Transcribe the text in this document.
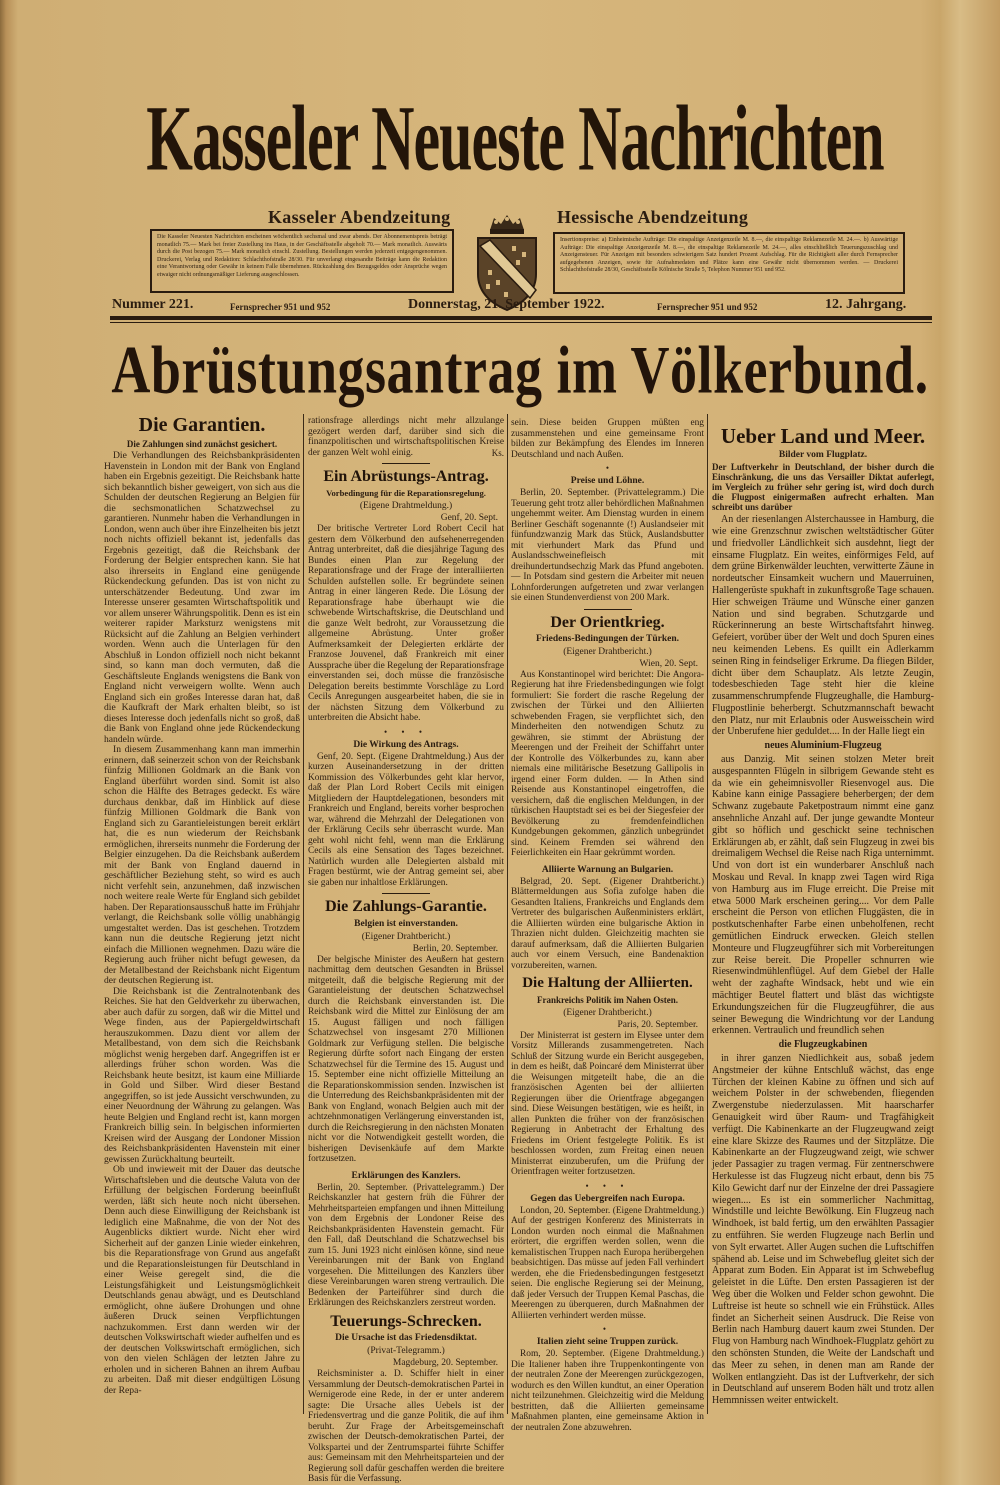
Kasseler Neueste Nachrichten
Kasseler Abendzeitung	Hessische Abendzeitung
Die Kasseler Neuesten Nachrichten erscheinen wöchentlich sechsmal und zwar abends. Der Abonnementspreis beträgt monatlich 75.— Mark bei freier Zustellung ins Haus, in der Geschäftsstelle abgeholt 70.— Mark monatlich. Auswärts durch die Post bezogen 75.— Mark monatlich einschl. Zustellung. Bestellungen werden jederzeit entgegengenommen. Druckerei, Verlag und Redaktion: Schlachthofstraße 28/30. Für unverlangt eingesandte Beiträge kann die Redaktion eine Verantwortung oder Gewähr in keinem Falle übernehmen. Rückzahlung des Bezugsgeldes oder Ansprüche wegen etwaiger nicht ordnungsmäßiger Lieferung ausgeschlossen.
Insertionspreise: a) Einheimische Aufträge: Die einspaltige Anzeigenzeile M. 8.—, die einspaltige Reklamezeile M. 24.—. b) Auswärtige Aufträge: Die einspaltige Anzeigenzeile M. 8.—, die einspaltige Reklamezeile M. 24.—, alles einschließlich Teuerungszuschlag und Anzeigensteuer. Für Anzeigen mit besonders schwierigem Satz hundert Prozent Aufschlag. Für die Richtigkeit aller durch Fernsprecher aufgegebenen Anzeigen, sowie für Aufnahmedaten und Plätze kann eine Gewähr nicht übernommen werden. — Druckerei Schlachthofstraße 28/30, Geschäftsstelle Kölnische Straße 5, Telephon Nummer 951 und 952.
Nummer 221.	Fernsprecher 951 und 952	Donnerstag, 21. September 1922.	Fernsprecher 951 und 952	12. Jahrgang.
Abrüstungsantrag im Völkerbund.
Die Garantien.
Die Zahlungen sind zunächst gesichert.

Die Verhandlungen des Reichsbankpräsidenten Havenstein in London mit der Bank von England haben ein Ergebnis gezeitigt. Die Reichsbank hatte sich bekanntlich bisher geweigert, von sich aus die Schulden der deutschen Regierung an Belgien für die sechsmonatlichen Schatzwechsel zu garantieren. Nunmehr haben die Verhandlungen in London, wenn auch über ihre Einzelheiten bis jetzt noch nichts offiziell bekannt ist, jedenfalls das Ergebnis gezeitigt, daß die Reichsbank der Forderung der Belgier entsprechen kann. Sie hat also ihrerseits in England eine genügende Rückendeckung gefunden. Das ist von nicht zu unterschätzender Bedeutung. Und zwar im Interesse unserer gesamten Wirtschaftspolitik und vor allem unserer Währungspolitik. Denn es ist ein weiterer rapider Marksturz wenigstens mit Rücksicht auf die Zahlung an Belgien verhindert worden. Wenn auch die Unterlagen für den Abschluß in London offiziell noch nicht bekannt sind, so kann man doch vermuten, daß die Geschäftsleute Englands wenigstens die Bank von England nicht verweigern wollte. Wenn auch England sich ein großes Interesse daran hat, daß die Kaufkraft der Mark erhalten bleibt, so ist dieses Interesse doch jedenfalls nicht so groß, daß die Bank von England ohne jede Rückendeckung handeln würde.

In diesem Zusammenhang kann man immerhin erinnern, daß seinerzeit schon von der Reichsbank fünfzig Millionen Goldmark an die Bank von England überführt worden sind. Somit ist also schon die Hälfte des Betrages gedeckt. Es wäre durchaus denkbar, daß im Hinblick auf diese fünfzig Millionen Goldmark die Bank von England sich zu Garantieleistungen bereit erklärt hat, die es nun wiederum der Reichsbank ermöglichen, ihrerseits nunmehr die Forderung der Belgier einzugehen. Da die Reichsbank außerdem mit der Bank von England dauernd in geschäftlicher Beziehung steht, so wird es auch nicht verfehlt sein, anzunehmen, daß inzwischen noch weitere reale Werte für England sich gebildet haben. Der Reparationsausschuß hatte im Frühjahr verlangt, die Reichsbank solle völlig unabhängig umgestaltet werden. Das ist geschehen. Trotzdem kann nun die deutsche Regierung jetzt nicht einfach die Millionen wegnehmen. Dazu wäre die Regierung auch früher nicht befugt gewesen, da der Metallbestand der Reichsbank nicht Eigentum der deutschen Regierung ist.

Die Reichsbank ist die Zentralnotenbank des Reiches. Sie hat den Geldverkehr zu überwachen, aber auch dafür zu sorgen, daß wir die Mittel und Wege finden, aus der Papiergeldwirtschaft herauszukommen. Dazu dient vor allem der Metallbestand, von dem sich die Reichsbank möglichst wenig hergeben darf. Angegriffen ist er allerdings früher schon worden. Was die Reichsbank heute besitzt, ist kaum eine Milliarde in Gold und Silber. Wird dieser Bestand angegriffen, so ist jede Aussicht verschwunden, zu einer Neuordnung der Währung zu gelangen. Was heute Belgien und England recht ist, kann morgen Frankreich billig sein. In belgischen informierten Kreisen wird der Ausgang der Londoner Mission des Reichsbankpräsidenten Havenstein mit einer gewissen Zurückhaltung beurteilt.

Ob und inwieweit mit der Dauer das deutsche Wirtschaftsleben und die deutsche Valuta von der Erfüllung der belgischen Forderung beeinflußt werden, läßt sich heute noch nicht übersehen. Denn auch diese Einwilligung der Reichsbank ist lediglich eine Maßnahme, die von der Not des Augenblicks diktiert wurde. Nicht eher wird Sicherheit auf der ganzen Linie wieder einkehren, bis die Reparationsfrage von Grund aus angefaßt und die Reparationsleistungen für Deutschland in einer Weise geregelt sind, die die Leistungsfähigkeit und Leistungsmöglichkeit Deutschlands genau abwägt, und es Deutschland ermöglicht, ohne äußere Drohungen und ohne äußeren Druck seinen Verpflichtungen nachzukommen. Erst dann werden wir der deutschen Volkswirtschaft wieder aufhelfen und es der deutschen Volkswirtschaft ermöglichen, sich von den vielen Schlägen der letzten Jahre zu erholen und in sicheren Bahnen an ihrem Aufbau zu arbeiten. Daß mit dieser endgültigen Lösung der Repa-

rationsfrage allerdings nicht mehr allzulange gezögert werden darf, darüber sind sich die finanzpolitischen und wirtschaftspolitischen Kreise der ganzen Welt wohl einig.	Ks.

Ein Abrüstungs-Antrag.
Vorbedingung für die Reparationsregelung.
(Eigene Drahtmeldung.)
Genf, 20. Sept.

Der britische Vertreter Lord Robert Cecil hat gestern dem Völkerbund den aufsehenerregenden Antrag unterbreitet, daß die diesjährige Tagung des Bundes einen Plan zur Regelung der Reparationsfrage und der Frage der interalliierten Schulden aufstellen solle. Er begründete seinen Antrag in einer längeren Rede. Die Lösung der Reparationsfrage habe überhaupt wie die schwebende Wirtschaftskrise, die Deutschland und die ganze Welt bedroht, zur Voraussetzung die allgemeine Abrüstung. Unter großer Aufmerksamkeit der Delegierten erklärte der Franzose Jouvenel, daß Frankreich mit einer Aussprache über die Regelung der Reparationsfrage einverstanden sei, doch müsse die französische Delegation bereits bestimmte Vorschläge zu Lord Cecils Anregungen ausgearbeitet haben, die sie in der nächsten Sitzung dem Völkerbund zu unterbreiten die Absicht habe.

• • •
Die Wirkung des Antrags.

Genf, 20. Sept. (Eigene Drahtmeldung.) Aus der kurzen Auseinandersetzung in der dritten Kommission des Völkerbundes geht klar hervor, daß der Plan Lord Robert Cecils mit einigen Mitgliedern der Hauptdelegationen, besonders mit Frankreich und England, bereits vorher besprochen war, während die Mehrzahl der Delegationen von der Erklärung Cecils sehr überrascht wurde. Man geht wohl nicht fehl, wenn man die Erklärung Cecils als eine Sensation des Tages bezeichnet. Natürlich wurden alle Delegierten alsbald mit Fragen bestürmt, wie der Antrag gemeint sei, aber sie gaben nur inhaltlose Erklärungen.

Die Zahlungs-Garantie.
Belgien ist einverstanden.
(Eigener Drahtbericht.)
Berlin, 20. September.

Der belgische Minister des Aeußern hat gestern nachmittag dem deutschen Gesandten in Brüssel mitgeteilt, daß die belgische Regierung mit der Garantieleistung der deutschen Schatzwechsel durch die Reichsbank einverstanden ist. Die Reichsbank wird die Mittel zur Einlösung der am 15. August fälligen und noch fälligen Schatzwechsel von insgesamt 270 Millionen Goldmark zur Verfügung stellen. Die belgische Regierung dürfte sofort nach Eingang der ersten Schatzwechsel für die Termine des 15. August und 15. September eine nicht offizielle Mitteilung an die Reparationskommission senden. Inzwischen ist die Unterredung des Reichsbankpräsidenten mit der Bank von England, wonach Belgien auch mit der achtzehnmonatigen Verlängerung einverstanden ist, durch die Reichsregierung in den nächsten Monaten nicht vor die Notwendigkeit gestellt worden, die bisherigen Devisenkäufe auf dem Markte fortzusetzen.

Erklärungen des Kanzlers.

Berlin, 20. September. (Privattelegramm.) Der Reichskanzler hat gestern früh die Führer der Mehrheitsparteien empfangen und ihnen Mitteilung von dem Ergebnis der Londoner Reise des Reichsbankpräsidenten Havenstein gemacht. Für den Fall, daß Deutschland die Schatzwechsel bis zum 15. Juni 1923 nicht einlösen könne, sind neue Vereinbarungen mit der Bank von England vorgesehen. Die Mitteilungen des Kanzlers über diese Vereinbarungen waren streng vertraulich. Die Bedenken der Parteiführer sind durch die Erklärungen des Reichskanzlers zerstreut worden.

Teuerungs-Schrecken.
Die Ursache ist das Friedensdiktat.
(Privat-Telegramm.)
Magdeburg, 20. September.

Reichsminister a. D. Schiffer hielt in einer Versammlung der Deutsch-demokratischen Partei in Wernigerode eine Rede, in der er unter anderem sagte: Die Ursache alles Uebels ist der Friedensvertrag und die ganze Politik, die auf ihm beruht. Zur Frage der Arbeitsgemeinschaft zwischen der Deutsch-demokratischen Partei, der Volkspartei und der Zentrumspartei führte Schiffer aus: Gemeinsam mit den Mehrheitsparteien und der Regierung soll dafür geschaffen werden die breitere Basis für die Verfassung.

sein. Diese beiden Gruppen müßten eng zusammenstehen und eine gemeinsame Front bilden zur Bekämpfung des Elendes im Inneren Deutschland und nach Außen.

•
Preise und Löhne.

Berlin, 20. September. (Privattelegramm.) Die Teuerung geht trotz aller behördlichen Maßnahmen ungehemmt weiter. Am Dienstag wurden in einem Berliner Geschäft sogenannte (!) Auslandseier mit fünfundzwanzig Mark das Stück, Auslandsbutter mit vierhundert Mark das Pfund und Auslandsschweinefleisch mit dreihundertundsechzig Mark das Pfund angeboten. — In Potsdam sind gestern die Arbeiter mit neuen Lohnforderungen aufgetreten und zwar verlangen sie einen Stundenverdienst von 200 Mark.

Der Orientkrieg.
Friedens-Bedingungen der Türken.
(Eigener Drahtbericht.)
Wien, 20. Sept.

Aus Konstantinopel wird berichtet: Die Angora-Regierung hat ihre Friedensbedingungen wie folgt formuliert: Sie fordert die rasche Regelung der zwischen der Türkei und den Alliierten schwebenden Fragen, sie verpflichtet sich, den Minderheiten den notwendigen Schutz zu gewähren, sie stimmt der Abrüstung der Meerengen und der Freiheit der Schiffahrt unter der Kontrolle des Völkerbundes zu, kann aber niemals eine militärische Besetzung Gallipolis in irgend einer Form dulden. — In Athen sind Reisende aus Konstantinopel eingetroffen, die versichern, daß die englischen Meldungen, in der türkischen Hauptstadt sei es bei der Siegesfeier der Bevölkerung zu fremdenfeindlichen Kundgebungen gekommen, gänzlich unbegründet sind. Keinem Fremden sei während den Feierlichkeiten ein Haar gekrümmt worden.

Alliierte Warnung an Bulgarien.

Belgrad, 20. Sept. (Eigener Drahtbericht.) Blättermeldungen aus Sofia zufolge haben die Gesandten Italiens, Frankreichs und Englands dem Vertreter des bulgarischen Außenministers erklärt, die Alliierten würden eine bulgarische Aktion in Thrazien nicht dulden. Gleichzeitig machten sie darauf aufmerksam, daß die Alliierten Bulgarien auch vor einem Versuch, eine Bandenaktion vorzubereiten, warnen.

Die Haltung der Alliierten.
Frankreichs Politik im Nahen Osten.
(Eigener Drahtbericht.)
Paris, 20. September.

Der Ministerrat ist gestern im Elysee unter dem Vorsitz Millerands zusammengetreten. Nach Schluß der Sitzung wurde ein Bericht ausgegeben, in dem es heißt, daß Poincaré dem Ministerrat über die Weisungen mitgeteilt habe, die an die französischen Agenten bei der alliierten Regierungen über die Orientfrage abgegangen sind. Diese Weisungen bestätigen, wie es heißt, in allen Punkten die früher von der französischen Regierung in Anbetracht der Erhaltung des Friedens im Orient festgelegte Politik. Es ist beschlossen worden, zum Freitag einen neuen Ministerrat einzuberufen, um die Prüfung der Orientfragen weiter fortzusetzen.

• • •
Gegen das Uebergreifen nach Europa.

London, 20. September. (Eigene Drahtmeldung.) Auf der gestrigen Konferenz des Ministerrats in London wurden noch einmal die Maßnahmen erörtert, die ergriffen werden sollen, wenn die kemalistischen Truppen nach Europa herübergehen beabsichtigen. Das müsse auf jeden Fall verhindert werden, ehe die Friedensbedingungen festgesetzt seien. Die englische Regierung sei der Meinung, daß jeder Versuch der Truppen Kemal Paschas, die Meerengen zu überqueren, durch Maßnahmen der Alliierten verhindert werden müsse.

•
Italien zieht seine Truppen zurück.

Rom, 20. September. (Eigene Drahtmeldung.) Die Italiener haben ihre Truppenkontingente von der neutralen Zone der Meerengen zurückgezogen, wodurch es den Willen kundtut, an einer Operation nicht teilzunehmen. Gleichzeitig wird die Meldung bestritten, daß die Alliierten gemeinsame Maßnahmen planten, eine gemeinsame Aktion in der neutralen Zone abzuwehren.

Ueber Land und Meer.
Bilder vom Flugplatz.
Der Luftverkehr in Deutschland, der bisher durch die Einschränkung, die uns das Versailler Diktat auferlegt, im Vergleich zu früher sehr gering ist, wird doch durch die Flugpost einigermaßen aufrecht erhalten. Man schreibt uns darüber

An der riesenlangen Alsterchaussee in Hamburg, die wie eine Grenzschnur zwischen weltstädtischer Güter und friedvoller Ländlichkeit sich ausdehnt, liegt der einsame Flugplatz. Ein weites, einförmiges Feld, auf dem grüne Birkenwälder leuchten, verwitterte Zäune in nordeutscher Einsamkeit wuchern und Mauerruinen, Hallengerüste spukhaft in zukunftsgroße Tage schauen. Hier schweigen Träume und Wünsche einer ganzen Nation und sind begraben. Schutzgarde und Rückerinnerung an beste Wirtschaftsfahrt hinweg. Gefeiert, vorüber über der Welt und doch Spuren eines neu keimenden Lebens. Es quillt ein Adlerkamm seinen Ring in feindseliger Erkrume. Da fliegen Bilder, dicht über dem Schauplatz. Als letzte Zeugin, todesbeschieden Tage steht hier die kleine zusammenschrumpfende Flugzeughalle, die Hamburg-Flugpostlinie beherbergt. Schutzmannschaft bewacht den Platz, nur mit Erlaubnis oder Ausweisschein wird der Unberufene hier geduldet.... In der Halle liegt ein

neues Aluminium-Flugzeug

aus Danzig. Mit seinen stolzen Meter breit ausgespannten Flügeln in silbrigem Gewande steht es da wie ein geheimnisvoller Riesenvogel aus. Die Kabine kann einige Passagiere beherbergen; der dem Schwanz zugebaute Paketpostraum nimmt eine ganz ansehnliche Anzahl auf. Der junge gewandte Monteur gibt so höflich und geschickt seine technischen Erklärungen ab, er zählt, daß sein Flugzeug in zwei bis dreimaligem Wechsel die Reise nach Riga unternimmt. Und von dort ist ein wunderbarer Anschluß nach Moskau und Reval. In knapp zwei Tagen wird Riga von Hamburg aus im Fluge erreicht. Die Preise mit etwa 5000 Mark erscheinen gering.... Vor dem Palle erscheint die Person von etlichen Fluggästen, die in postkutschenhafter Farbe einen unbeholfenen, recht gemütlichen Eindruck erwecken. Gleich stellen Monteure und Flugzeugführer sich mit Vorbereitungen zur Reise bereit. Die Propeller schnurren wie Riesenwindmühlenflügel. Auf dem Giebel der Halle weht der zaghafte Windsack, hebt und wie ein mächtiger Beutel flattert und bläst das wichtigste Erkundungszeichen für die Flugzeugführer, die aus seiner Bewegung die Windrichtung vor der Landung erkennen. Vertraulich und freundlich sehen

die Flugzeugkabinen

in ihrer ganzen Niedlichkeit aus, sobaß jedem Angstmeier der kühne Entschluß wächst, das enge Türchen der kleinen Kabine zu öffnen und sich auf weichem Polster in der schwebenden, fliegenden Zwergenstube niederzulassen. Mit haarscharfer Genauigkeit wird über Raum- und Tragfähigkeit verfügt. Die Kabinenkarte an der Flugzeugwand zeigt eine klare Skizze des Raumes und der Sitzplätze. Die Kabinenkarte an der Flugzeugwand zeigt, wie schwer jeder Passagier zu tragen vermag. Für zentnerschwere Herkulesse ist das Flugzeug nicht erbaut, denn bis 75 Kilo Gewicht darf nur der Einzelne der drei Passagiere wiegen.... Es ist ein sommerlicher Nachmittag, Windstille und leichte Bewölkung. Ein Flugzeug nach Windhoek, ist bald fertig, um den erwählten Passagier zu entführen. Sie werden Flugzeuge nach Berlin und von Sylt erwartet. Aller Augen suchen die Luftschiffen spähend ab. Leise und im Schwebeflug gleitet sich der Apparat zum Boden. Ein Apparat ist im Schwebeflug geleistet in die Lüfte. Den ersten Passagieren ist der Weg über die Wolken und Felder schon gewohnt. Die Luftreise ist heute so schnell wie ein Frühstück. Alles findet an Sicherheit seinen Ausdruck. Die Reise von Berlin nach Hamburg dauert kaum zwei Stunden. Der Flug von Hamburg nach Windhoek-Flugplatz gehört zu den schönsten Stunden, die Weite der Landschaft und das Meer zu sehen, in denen man am Rande der Wolken entlangzieht. Das ist der Luftverkehr, der sich in Deutschland auf unserem Boden hält und trotz allen Hemmnissen weiter entwickelt.
